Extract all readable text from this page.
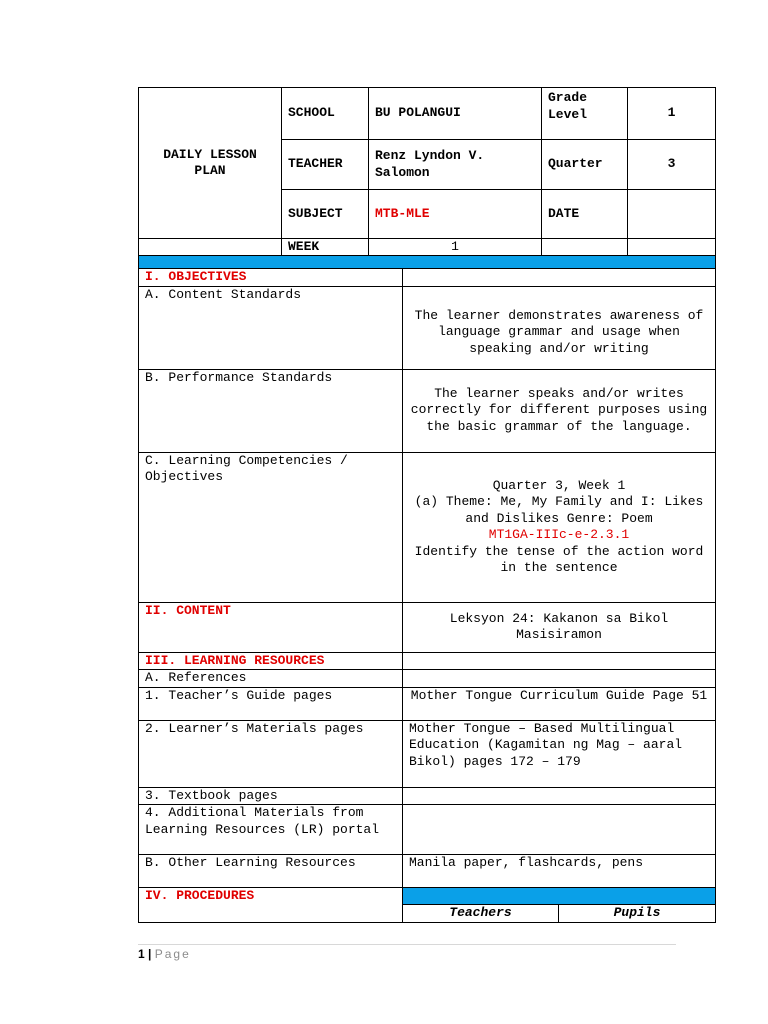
DAILY LESSON PLAN	SCHOOL	BU POLANGUI	Grade Level	1
	TEACHER	Renz Lyndon V. Salomon	Quarter	3
	SUBJECT	MTB-MLE	DATE	
	WEEK	1		

I. OBJECTIVES		
A. Content Standards	The learner demonstrates awareness of language grammar and usage when speaking and/or writing	
B. Performance Standards	The learner speaks and/or writes correctly for different purposes using the basic grammar of the language.	
C. Learning Competencies / Objectives	Quarter 3, Week 1
(a) Theme: Me, My Family and I: Likes and Dislikes Genre: Poem
MT1GA-IIIc-e-2.3.1
Identify the tense of the action word in the sentence	

II. CONTENT	Leksyon 24: Kakanon sa Bikol Masisiramon	
III. LEARNING RESOURCES		
A. References		
1. Teacher’s Guide pages	Mother Tongue Curriculum Guide Page 51	
2. Learner’s Materials pages	Mother Tongue – Based Multilingual Education (Kagamitan ng Mag – aaral Bikol) pages 172 – 179	
3. Textbook pages		
4. Additional Materials from Learning Resources (LR) portal		
B. Other Learning Resources	Manila paper, flashcards, pens	
IV. PROCEDURES		
	Teachers	Pupils
1 | Page
